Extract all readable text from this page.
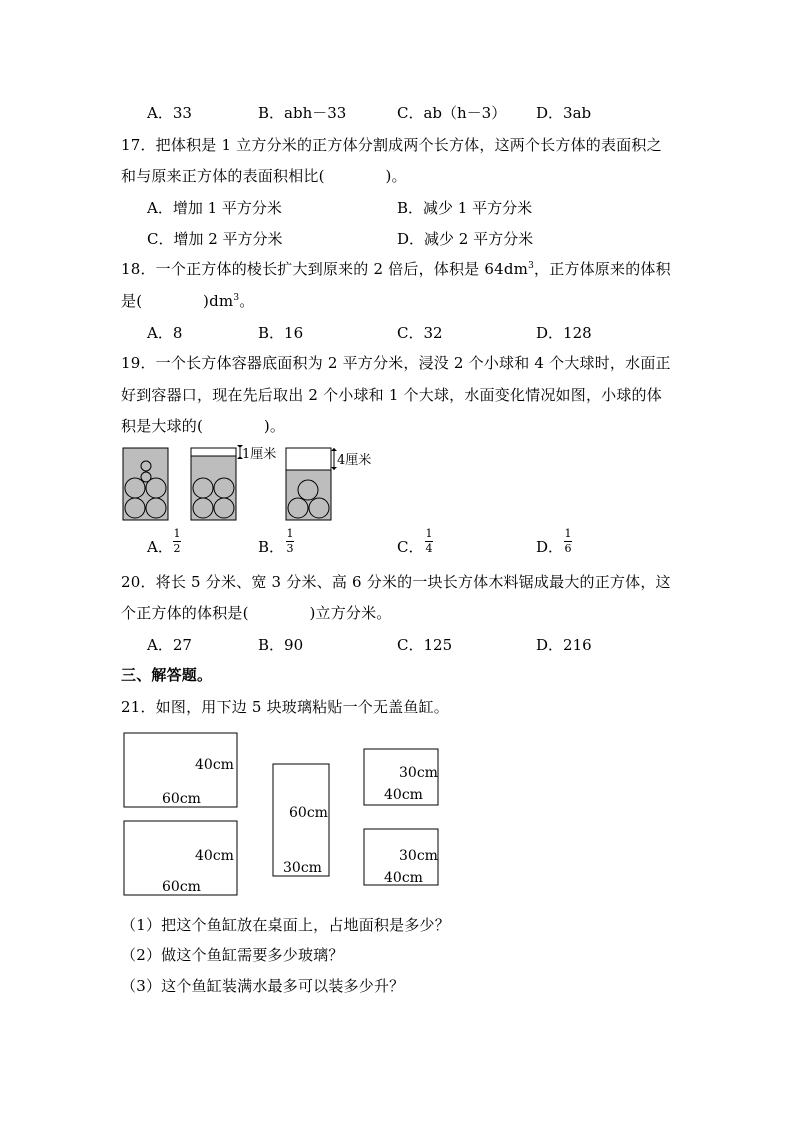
A．33	B．abh－33	C．ab（h－3） D．3ab
17．把体积是 1 立方分米的正方体分割成两个长方体，这两个长方体的表面积之
和与原来正方体的表面积相比(　　　　)。
A．增加 1 平方分米	B．减少 1 平方分米
C．增加 2 平方分米	D．减少 2 平方分米
18．一个正方体的棱长扩大到原来的 2 倍后，体积是 $64dm^3$，正方体原来的体积
是(　　　　)$dm^3$。
A．8	B．16	C．32	D．128
19．一个长方体容器底面积为 2 平方分米，浸没 2 个小球和 4 个大球时，水面正
好到容器口，现在先后取出 2 个小球和 1 个大球，水面变化情况如图，小球的体
积是大球的(　　　　)。
1厘米	4厘米
A．
1
2	B．
1
3	C．
1
4	D．
1
6
20．将长 5 分米、宽 3 分米、高 6 分米的一块长方体木料锯成最大的正方体，这
个正方体的体积是(　　　　)立方分米。
A．27	B．90	C．125	D．216
三、解答题。
21．如图，用下边 5 块玻璃粘贴一个无盖鱼缸。
40cm
60cm
40cm
60cm
60cm
30cm
30cm
40cm
30cm
40cm
（1）把这个鱼缸放在桌面上，占地面积是多少？
（2）做这个鱼缸需要多少玻璃？
（3）这个鱼缸装满水最多可以装多少升？
